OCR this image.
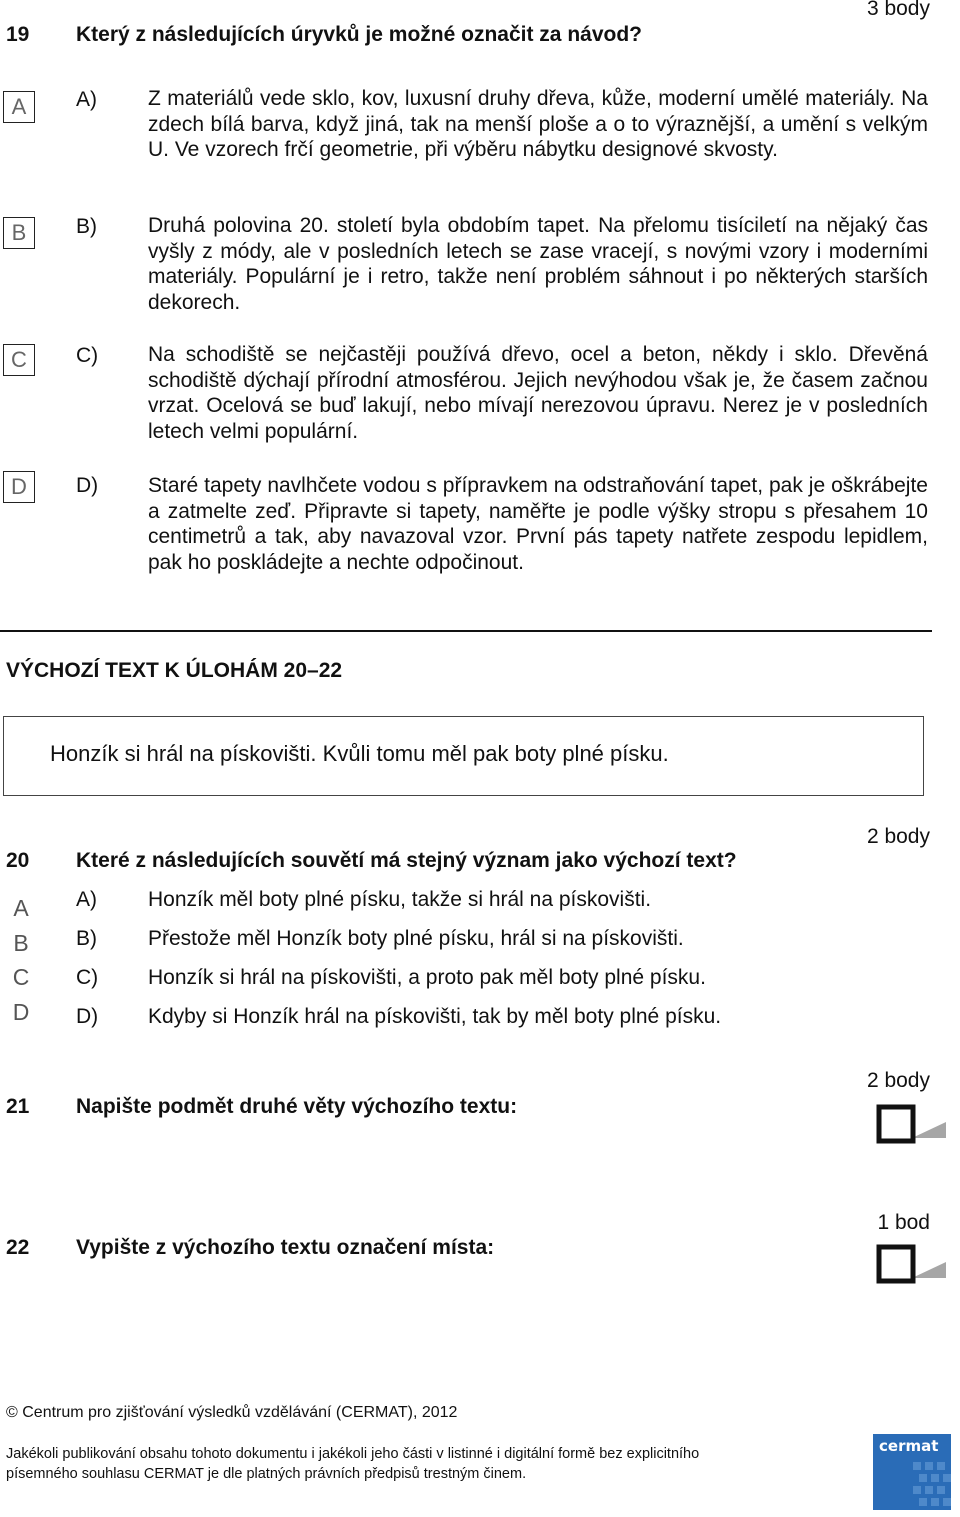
3 body
19 Který z následujících úryvků je možné označit za návod?
A	A) Z materiálů vede sklo, kov, luxusní druhy dřeva, kůže, moderní umělé materiály. Na zdech bílá barva, když jiná, tak na menší ploše a o to výraznější, a umění s velkým U. Ve vzorech frčí geometrie, při výběru nábytku designové skvosty.
B	B) Druhá polovina 20. století byla obdobím tapet. Na přelomu tisíciletí na nějaký čas vyšly z módy, ale v posledních letech se zase vracejí, s novými vzory i moderními materiály. Populární je i retro, takže není problém sáhnout i po některých starších dekorech.
C	C) Na schodiště se nejčastěji používá dřevo, ocel a beton, někdy i sklo. Dřevěná schodiště dýchají přírodní atmosférou. Jejich nevýhodou však je, že časem začnou vrzat. Ocelová se buď lakují, nebo mívají nerezovou úpravu. Nerez je v posledních letech velmi populární.
D	D) Staré tapety navlhčete vodou s přípravkem na odstraňování tapet, pak je oškrábejte a zatmelte zeď. Připravte si tapety, naměřte je podle výšky stropu s přesahem 10 centimetrů a tak, aby navazoval vzor. První pás tapety natřete zespodu lepidlem, pak ho poskládejte a nechte odpočinout.
VÝCHOZÍ TEXT K ÚLOHÁM 20–22
Honzík si hrál na pískovišti. Kvůli tomu měl pak boty plné písku.
2 body
20 Které z následujících souvětí má stejný význam jako výchozí text?
A	A) Honzík měl boty plné písku, takže si hrál na pískovišti.
B	B) Přestože měl Honzík boty plné písku, hrál si na pískovišti.
C	C) Honzík si hrál na pískovišti, a proto pak měl boty plné písku.
D	D) Kdyby si Honzík hrál na pískovišti, tak by měl boty plné písku.
2 body
21 Napište podmět druhé věty výchozího textu:
1 bod
22 Vypište z výchozího textu označení místa:
© Centrum pro zjišťování výsledků vzdělávání (CERMAT), 2012
Jakékoli publikování obsahu tohoto dokumentu i jakékoli jeho části v listinné i digitální formě bez explicitního
písemného souhlasu CERMAT je dle platných právních předpisů trestným činem.
cermat
